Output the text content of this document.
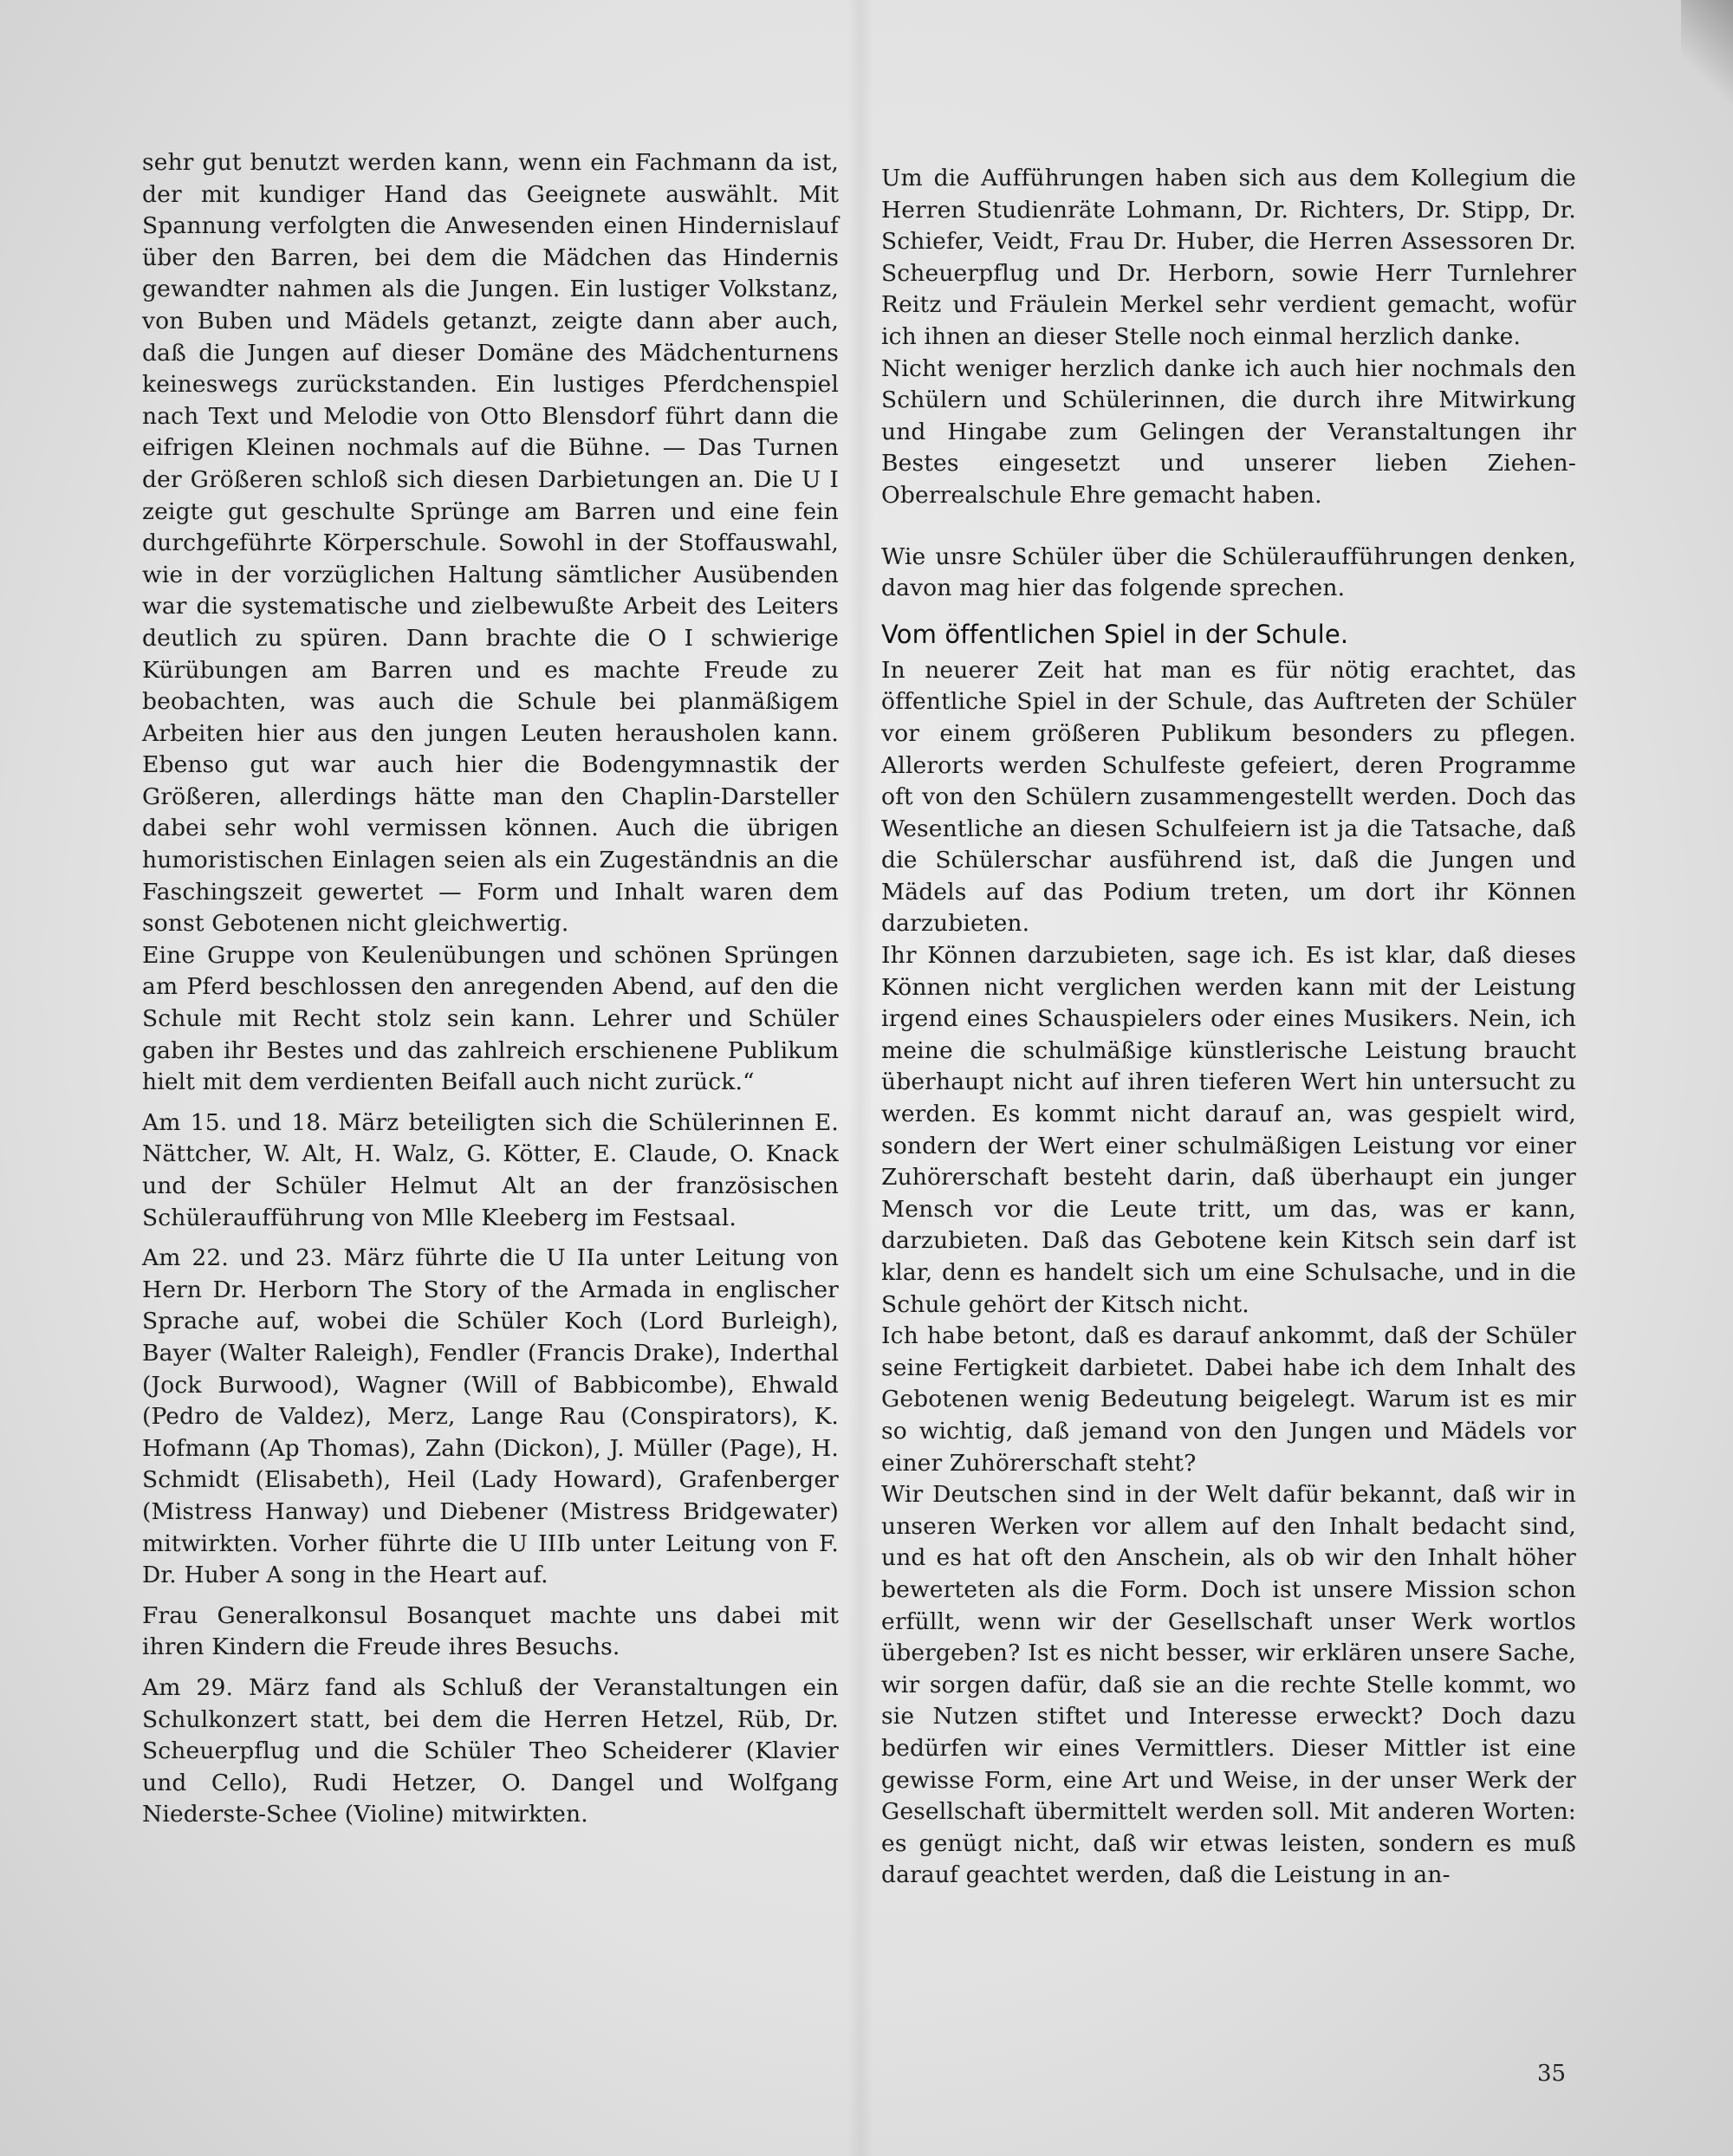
sehr gut benutzt werden kann, wenn ein Fachmann da ist, der mit kundiger Hand das Geeignete auswählt. Mit Spannung verfolgten die Anwesenden einen Hindernislauf über den Barren, bei dem die Mädchen das Hindernis gewandter nahmen als die Jungen. Ein lustiger Volkstanz, von Buben und Mädels getanzt, zeigte dann aber auch, daß die Jungen auf dieser Domäne des Mädchenturnens keineswegs zurückstanden. Ein lustiges Pferdchenspiel nach Text und Melodie von Otto Blensdorf führt dann die eifrigen Kleinen nochmals auf die Bühne. — Das Turnen der Größeren schloß sich diesen Darbietungen an. Die U I zeigte gut geschulte Sprünge am Barren und eine fein durchgeführte Körperschule. Sowohl in der Stoffauswahl, wie in der vorzüglichen Haltung sämtlicher Ausübenden war die systematische und zielbewußte Arbeit des Leiters deutlich zu spüren. Dann brachte die O I schwierige Kürübungen am Barren und es machte Freude zu beobachten, was auch die Schule bei planmäßigem Arbeiten hier aus den jungen Leuten herausholen kann. Ebenso gut war auch hier die Bodengymnastik der Größeren, allerdings hätte man den Chaplin-Darsteller dabei sehr wohl vermissen können. Auch die übrigen humoristischen Einlagen seien als ein Zugeständnis an die Faschingszeit gewertet — Form und Inhalt waren dem sonst Gebotenen nicht gleichwertig.

Eine Gruppe von Keulenübungen und schönen Sprüngen am Pferd beschlossen den anregenden Abend, auf den die Schule mit Recht stolz sein kann. Lehrer und Schüler gaben ihr Bestes und das zahlreich erschienene Publikum hielt mit dem verdienten Beifall auch nicht zurück.“

Am 15. und 18. März beteiligten sich die Schülerinnen E. Nättcher, W. Alt, H. Walz, G. Kötter, E. Claude, O. Knack und der Schüler Helmut Alt an der französischen Schüleraufführung von Mlle Kleeberg im Festsaal.

Am 22. und 23. März führte die U IIa unter Leitung von Hern Dr. Herborn The Story of the Armada in englischer Sprache auf, wobei die Schüler Koch (Lord Burleigh), Bayer (Walter Raleigh), Fendler (Francis Drake), Inderthal (Jock Burwood), Wagner (Will of Babbicombe), Ehwald (Pedro de Valdez), Merz, Lange Rau (Conspirators), K. Hofmann (Ap Thomas), Zahn (Dickon), J. Müller (Page), H. Schmidt (Elisabeth), Heil (Lady Howard), Grafenberger (Mistress Hanway) und Diebener (Mistress Bridgewater) mitwirkten. Vorher führte die U IIIb unter Leitung von F. Dr. Huber A song in the Heart auf.

Frau Generalkonsul Bosanquet machte uns dabei mit ihren Kindern die Freude ihres Besuchs.

Am 29. März fand als Schluß der Veranstaltungen ein Schulkonzert statt, bei dem die Herren Hetzel, Rüb, Dr. Scheuerpflug und die Schüler Theo Scheiderer (Klavier und Cello), Rudi Hetzer, O. Dangel und Wolfgang Niederste-Schee (Violine) mitwirkten.

Um die Aufführungen haben sich aus dem Kollegium die Herren Studienräte Lohmann, Dr. Richters, Dr. Stipp, Dr. Schiefer, Veidt, Frau Dr. Huber, die Herren Assessoren Dr. Scheuerpflug und Dr. Herborn, sowie Herr Turnlehrer Reitz und Fräulein Merkel sehr verdient gemacht, wofür ich ihnen an dieser Stelle noch einmal herzlich danke.

Nicht weniger herzlich danke ich auch hier nochmals den Schülern und Schülerinnen, die durch ihre Mitwirkung und Hingabe zum Gelingen der Veranstaltungen ihr Bestes eingesetzt und unserer lieben Ziehen-Oberrealschule Ehre gemacht haben.

Wie unsre Schüler über die Schüleraufführungen denken, davon mag hier das folgende sprechen.

Vom öffentlichen Spiel in der Schule.

In neuerer Zeit hat man es für nötig erachtet, das öffentliche Spiel in der Schule, das Auftreten der Schüler vor einem größeren Publikum besonders zu pflegen. Allerorts werden Schulfeste gefeiert, deren Programme oft von den Schülern zusammengestellt werden. Doch das Wesentliche an diesen Schulfeiern ist ja die Tatsache, daß die Schülerschar ausführend ist, daß die Jungen und Mädels auf das Podium treten, um dort ihr Können darzubieten.

Ihr Können darzubieten, sage ich. Es ist klar, daß dieses Können nicht verglichen werden kann mit der Leistung irgend eines Schauspielers oder eines Musikers. Nein, ich meine die schulmäßige künstlerische Leistung braucht überhaupt nicht auf ihren tieferen Wert hin untersucht zu werden. Es kommt nicht darauf an, was gespielt wird, sondern der Wert einer schulmäßigen Leistung vor einer Zuhörerschaft besteht darin, daß überhaupt ein junger Mensch vor die Leute tritt, um das, was er kann, darzubieten. Daß das Gebotene kein Kitsch sein darf ist klar, denn es handelt sich um eine Schulsache, und in die Schule gehört der Kitsch nicht.

Ich habe betont, daß es darauf ankommt, daß der Schüler seine Fertigkeit darbietet. Dabei habe ich dem Inhalt des Gebotenen wenig Bedeutung beigelegt. Warum ist es mir so wichtig, daß jemand von den Jungen und Mädels vor einer Zuhörerschaft steht?

Wir Deutschen sind in der Welt dafür bekannt, daß wir in unseren Werken vor allem auf den Inhalt bedacht sind, und es hat oft den Anschein, als ob wir den Inhalt höher bewerteten als die Form. Doch ist unsere Mission schon erfüllt, wenn wir der Gesellschaft unser Werk wortlos übergeben? Ist es nicht besser, wir erklären unsere Sache, wir sorgen dafür, daß sie an die rechte Stelle kommt, wo sie Nutzen stiftet und Interesse erweckt? Doch dazu bedürfen wir eines Vermittlers. Dieser Mittler ist eine gewisse Form, eine Art und Weise, in der unser Werk der Gesellschaft übermittelt werden soll. Mit anderen Worten: es genügt nicht, daß wir etwas leisten, sondern es muß darauf geachtet werden, daß die Leistung in an-

35
